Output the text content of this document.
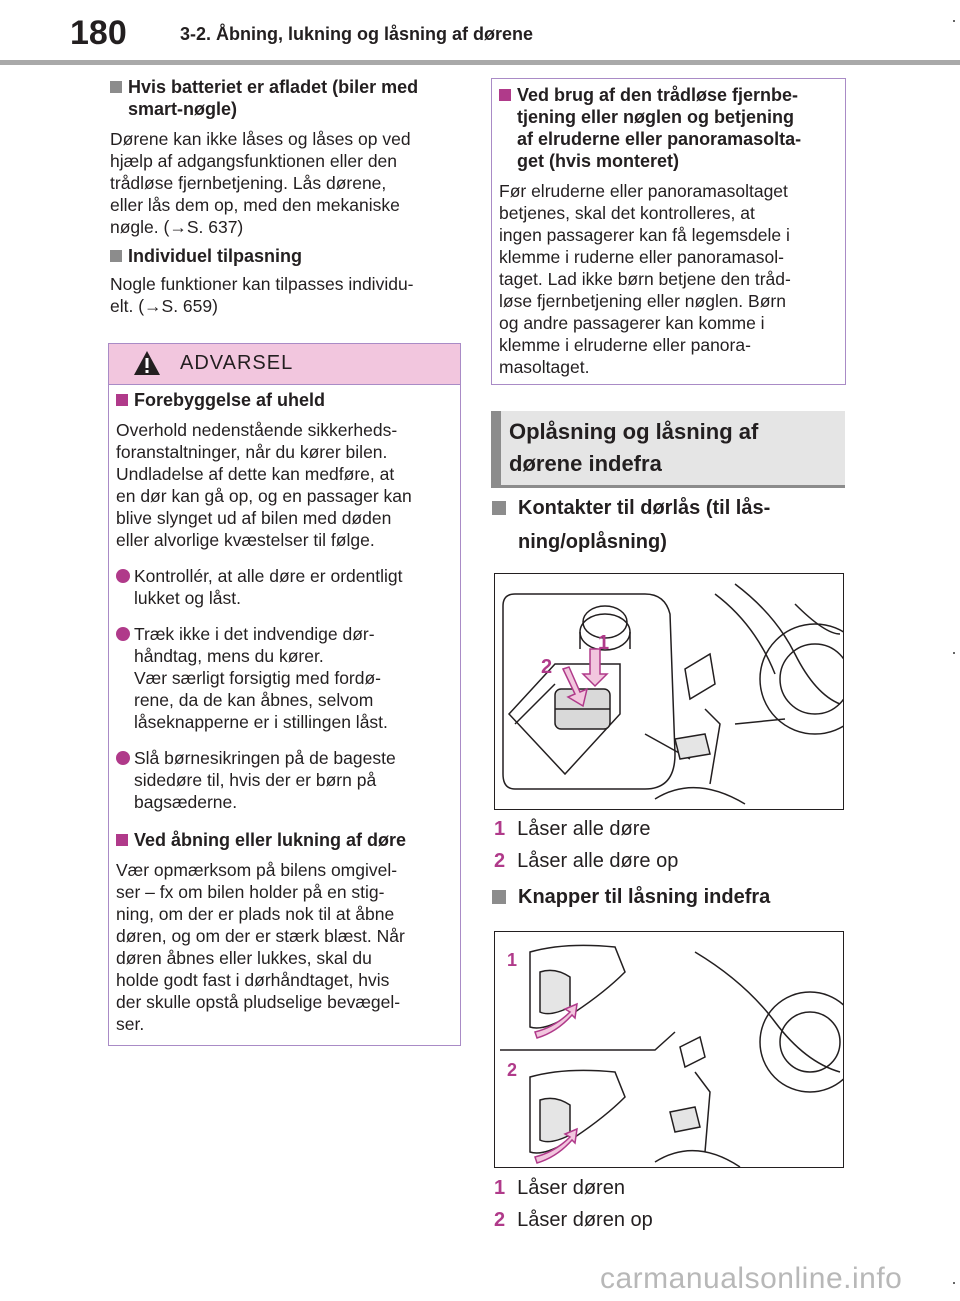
180	3-2. Åbning, lukning og låsning af dørene
Hvis batteriet er afladet (biler med
smart-nøgle)
Dørene kan ikke låses og låses op ved
hjælp af adgangsfunktionen eller den
trådløse fjernbetjening. Lås dørene,
eller lås dem op, med den mekaniske
nøgle. (→S. 637)
Individuel tilpasning
Nogle funktioner kan tilpasses individu-
elt. (→S. 659)
ADVARSEL
Forebyggelse af uheld
Overhold nedenstående sikkerheds-
foranstaltninger, når du kører bilen.
Undladelse af dette kan medføre, at
en dør kan gå op, og en passager kan
blive slynget ud af bilen med døden
eller alvorlige kvæstelser til følge.
Kontrollér, at alle døre er ordentligt
lukket og låst.
Træk ikke i det indvendige dør-
håndtag, mens du kører.
Vær særligt forsigtig med fordø-
rene, da de kan åbnes, selvom
låseknapperne er i stillingen låst.
Slå børnesikringen på de bageste
sidedøre til, hvis der er børn på
bagsæderne.
Ved åbning eller lukning af døre
Vær opmærksom på bilens omgivel-
ser – fx om bilen holder på en stig-
ning, om der er plads nok til at åbne
døren, og om der er stærk blæst. Når
døren åbnes eller lukkes, skal du
holde godt fast i dørhåndtaget, hvis
der skulle opstå pludselige bevægel-
ser.
Ved brug af den trådløse fjernbe-
tjening eller nøglen og betjening
af elruderne eller panoramasolta-
get (hvis monteret)
Før elruderne eller panoramasoltaget
betjenes, skal det kontrolleres, at
ingen passagerer kan få legemsdele i
klemme i ruderne eller panoramasol-
taget. Lad ikke børn betjene den tråd-
løse fjernbetjening eller nøglen. Børn
og andre passagerer kan komme i
klemme i elruderne eller panora-
masoltaget.
Oplåsning og låsning af
dørene indefra
Kontakter til dørlås (til lås-
ning/oplåsning)
1
2
1 Låser alle døre
2 Låser alle døre op
Knapper til låsning indefra
1
2
1 Låser døren
2 Låser døren op
carmanualsonline.info
